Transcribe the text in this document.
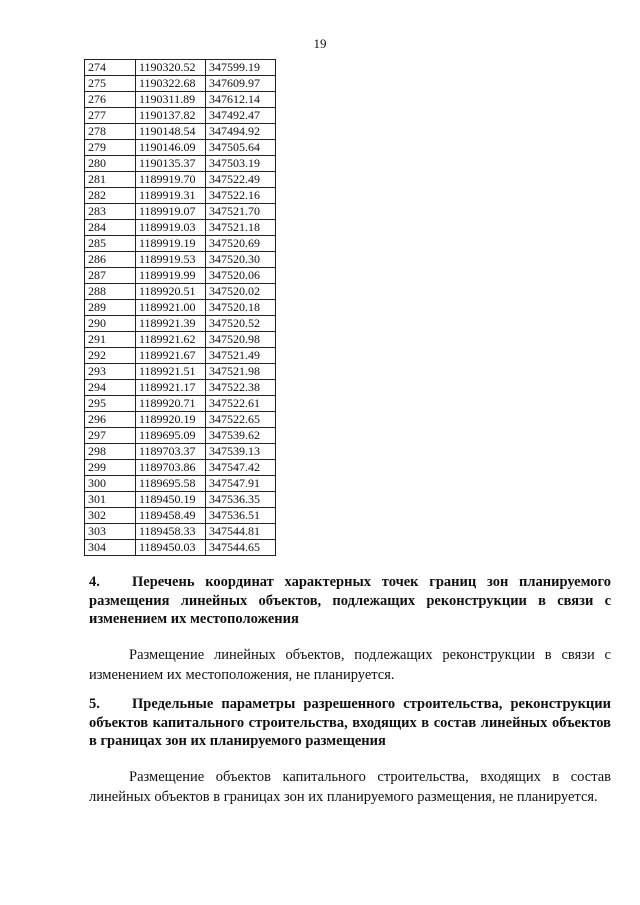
19
274	1190320.52	347599.19
275	1190322.68	347609.97
276	1190311.89	347612.14
277	1190137.82	347492.47
278	1190148.54	347494.92
279	1190146.09	347505.64
280	1190135.37	347503.19
281	1189919.70	347522.49
282	1189919.31	347522.16
283	1189919.07	347521.70
284	1189919.03	347521.18
285	1189919.19	347520.69
286	1189919.53	347520.30
287	1189919.99	347520.06
288	1189920.51	347520.02
289	1189921.00	347520.18
290	1189921.39	347520.52
291	1189921.62	347520.98
292	1189921.67	347521.49
293	1189921.51	347521.98
294	1189921.17	347522.38
295	1189920.71	347522.61
296	1189920.19	347522.65
297	1189695.09	347539.62
298	1189703.37	347539.13
299	1189703.86	347547.42
300	1189695.58	347547.91
301	1189450.19	347536.35
302	1189458.49	347536.51
303	1189458.33	347544.81
304	1189450.03	347544.65
4. Перечень координат характерных точек границ зон планируемого размещения линейных объектов, подлежащих реконструкции в связи с изменением их местоположения
Размещение линейных объектов, подлежащих реконструкции в связи с изменением их местоположения, не планируется.
5. Предельные параметры разрешенного строительства, реконструкции объектов капитального строительства, входящих в состав линейных объектов в границах зон их планируемого размещения
Размещение объектов капитального строительства, входящих в состав линейных объектов в границах зон их планируемого размещения, не планируется.
